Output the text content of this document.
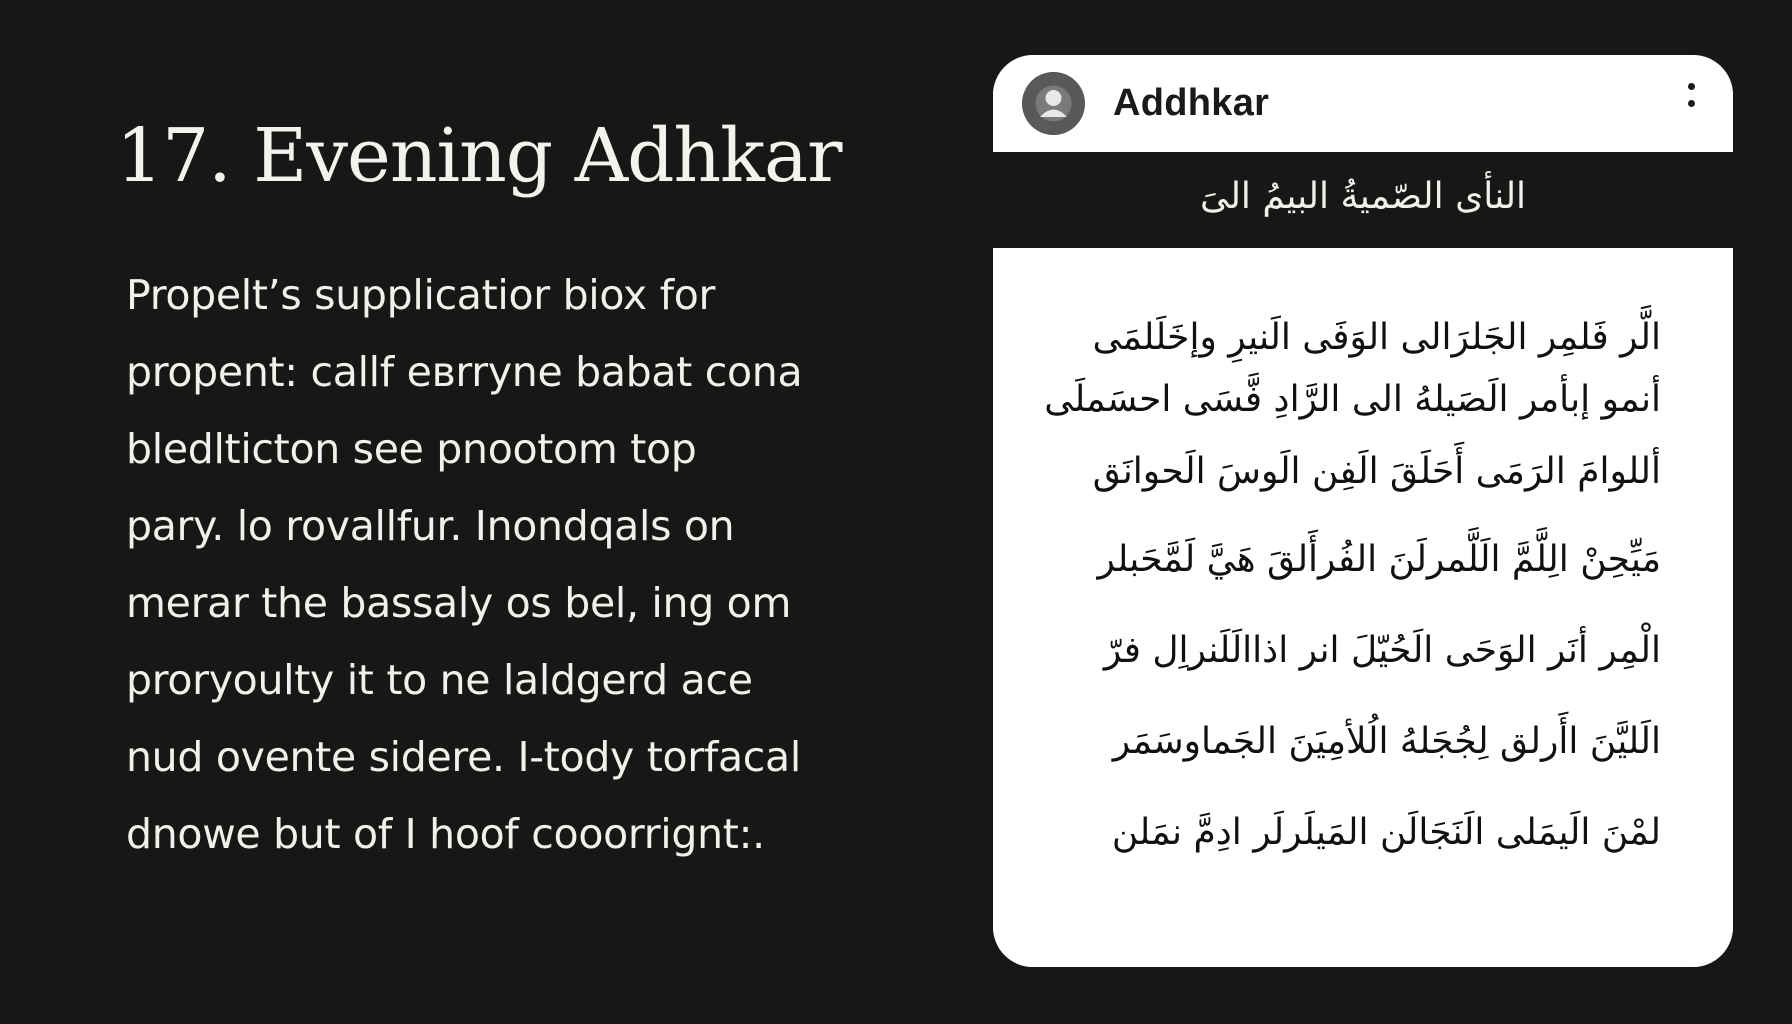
17. Evening Adhkar

Propelt’s supplicatior biox for
propent: callf eвrryne babat cona
bledlticton see pnootom top
pary. lo rovallfur. Inondqals on
merar the bassaly os bel, ing om
proryoulty it to ne laldgerd ace
nud ovente sidere. I-tody torfacal
dnowe but of I hoof cooorrignt:.

Addhkar
النأى الصّميةُ البيمُ الىَ
الَّر فَلمِر الجَلرَالى الوَفَى الَنيرِ وإخَلَلمَى
أنمو إبأمر الَصَيلهُ الى الرَّادِ فَّسَى احسَملَى
أللوامَ الرَمَى أَحَلَقَ الَفِن الَوسَ الَحوانَق
مَيِّحِنْ الِلَّمَّ الَلَّمرلَنَ الفُرأَلقَ هَيَّ لَمَّحَبلر
الْمِر أنَر الوَحَى الَحُيّلَ انر اذاالَلَنراِل فرّ
الَليَّنَ اأَرلق لِجُجَلهُ الُلأمِيَنَ الجَماوسَمَر
لمْنَ الَيمَلى الَنَجَالَن المَيلَرلَر ادِمَّ نمَلن
